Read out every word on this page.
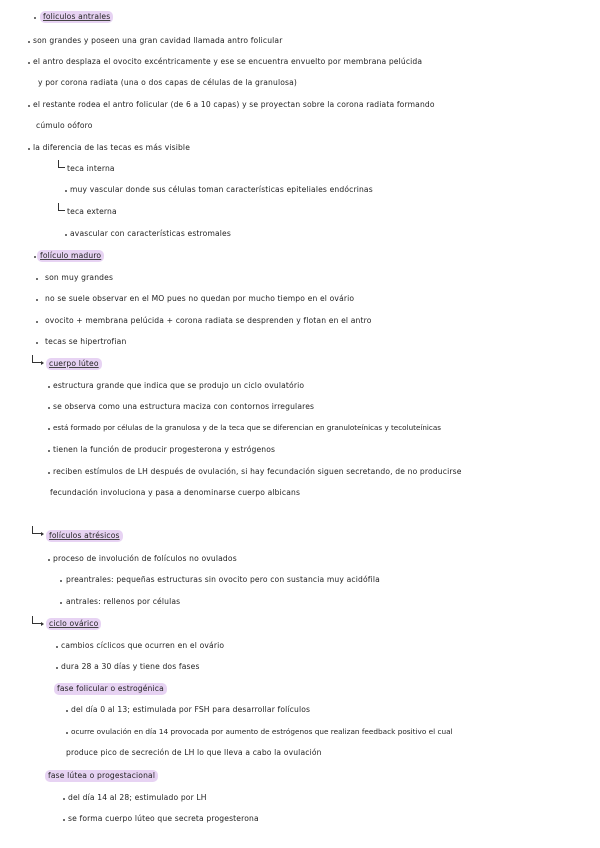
foliculos antrales
son grandes y poseen una gran cavidad llamada antro folicular
el antro desplaza el ovocito excéntricamente y ese se encuentra envuelto por membrana pelúcida
y por corona radiata (una o dos capas de células de la granulosa)
el restante rodea el antro folicular (de 6 a 10 capas) y se proyectan sobre la corona radiata formando
cúmulo oóforo
la diferencia de las tecas es más visible
teca interna
muy vascular donde sus células toman características epiteliales endócrinas
teca externa
avascular con características estromales
folículo maduro
son muy grandes
no se suele observar en el MO pues no quedan por mucho tiempo en el ovário
ovocito + membrana pelúcida + corona radiata se desprenden y flotan en el antro
tecas se hipertrofian
cuerpo lúteo
estructura grande que indica que se produjo un ciclo ovulatório
se observa como una estructura maciza con contornos irregulares
está formado por células de la granulosa y de la teca que se diferencian en granuloteínicas y tecoluteínicas
tienen la función de producir progesterona y estrógenos
reciben estímulos de LH después de ovulación, si hay fecundación siguen secretando, de no producirse
fecundación involuciona y pasa a denominarse cuerpo albicans
folículos atrésicos
proceso de involución de folículos no ovulados
preantrales: pequeñas estructuras sin ovocito pero con sustancia muy acidófila
antrales: rellenos por células
ciclo ovárico
cambios cíclicos que ocurren en el ovário
dura 28 a 30 días y tiene dos fases
fase folicular o estrogénica
del día 0 al 13; estimulada por FSH para desarrollar folículos
ocurre ovulación en día 14 provocada por aumento de estrógenos que realizan feedback positivo el cual
produce pico de secreción de LH lo que lleva a cabo la ovulación
fase lútea o progestacional
del día 14 al 28; estimulado por LH
se forma cuerpo lúteo que secreta progesterona
